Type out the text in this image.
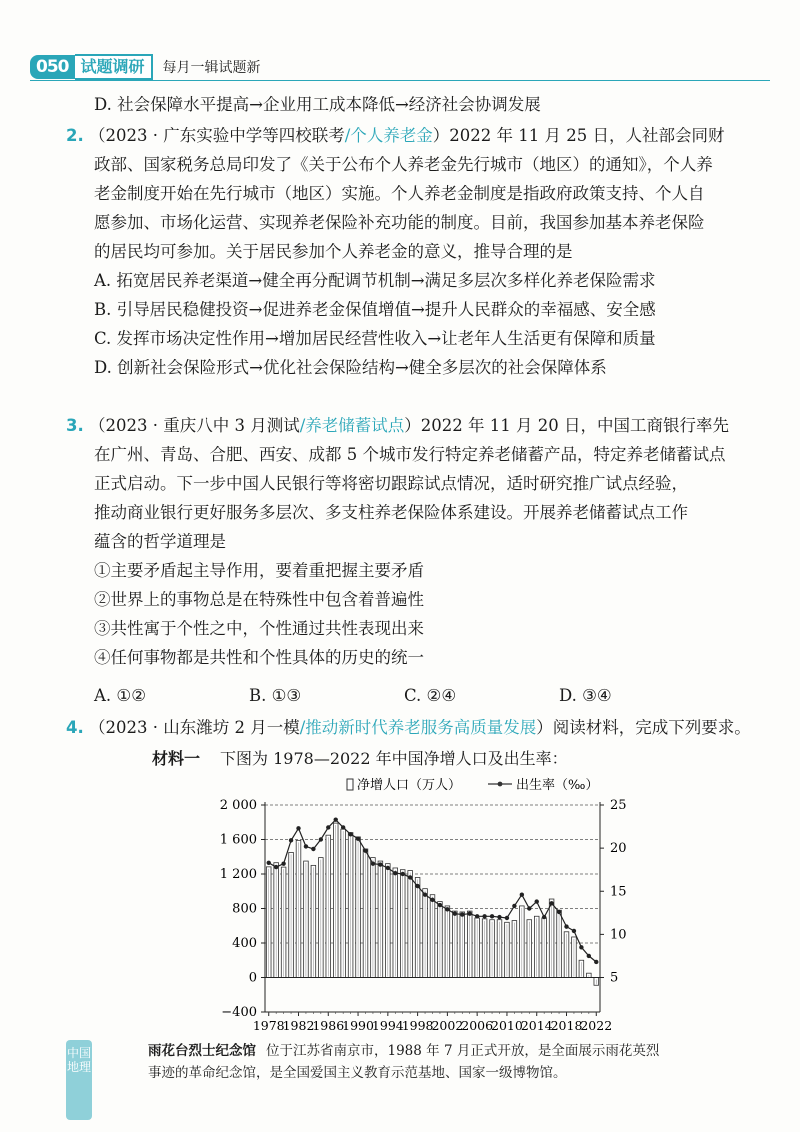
050 试题调研	每月一辑试题新
D. 社会保障水平提高→企业用工成本降低→经济社会协调发展
2. （2023 · 广东实验中学等四校联考/个人养老金）2022 年 11 月 25 日，人社部会同财
政部、国家税务总局印发了《关于公布个人养老金先行城市（地区）的通知》，个人养
老金制度开始在先行城市（地区）实施。个人养老金制度是指政府政策支持、个人自
愿参加、市场化运营、实现养老保险补充功能的制度。目前，我国参加基本养老保险
的居民均可参加。关于居民参加个人养老金的意义，推导合理的是
A. 拓宽居民养老渠道→健全再分配调节机制→满足多层次多样化养老保险需求
B. 引导居民稳健投资→促进养老金保值增值→提升人民群众的幸福感、安全感
C. 发挥市场决定性作用→增加居民经营性收入→让老年人生活更有保障和质量
D. 创新社会保险形式→优化社会保险结构→健全多层次的社会保障体系
3. （2023 · 重庆八中 3 月测试/养老储蓄试点）2022 年 11 月 20 日，中国工商银行率先
在广州、青岛、合肥、西安、成都 5 个城市发行特定养老储蓄产品，特定养老储蓄试点
正式启动。下一步中国人民银行等将密切跟踪试点情况，适时研究推广试点经验，
推动商业银行更好服务多层次、多支柱养老保险体系建设。开展养老储蓄试点工作
蕴含的哲学道理是
①主要矛盾起主导作用，要着重把握主要矛盾
②世界上的事物总是在特殊性中包含着普遍性
③共性寓于个性之中，个性通过共性表现出来
④任何事物都是共性和个性具体的历史的统一
A. ①②	B. ①③	C. ②④	D. ③④
4. （2023 · 山东潍坊 2 月一模/推动新时代养老服务高质量发展）阅读材料，完成下列要求。
材料一 下图为 1978—2022 年中国净增人口及出生率：
2 000
1 600
1 200
800
400
0
−400
25
20
15
10
5
1978
1982
1986
1990
1994
1998
2002
2006
2010
2014
2018
2022
净增人口（万人）	出生率（‰）
中国地理
雨花台烈士纪念馆 位于江苏省南京市，1988 年 7 月正式开放，是全面展示雨花英烈
事迹的革命纪念馆，是全国爱国主义教育示范基地、国家一级博物馆。
